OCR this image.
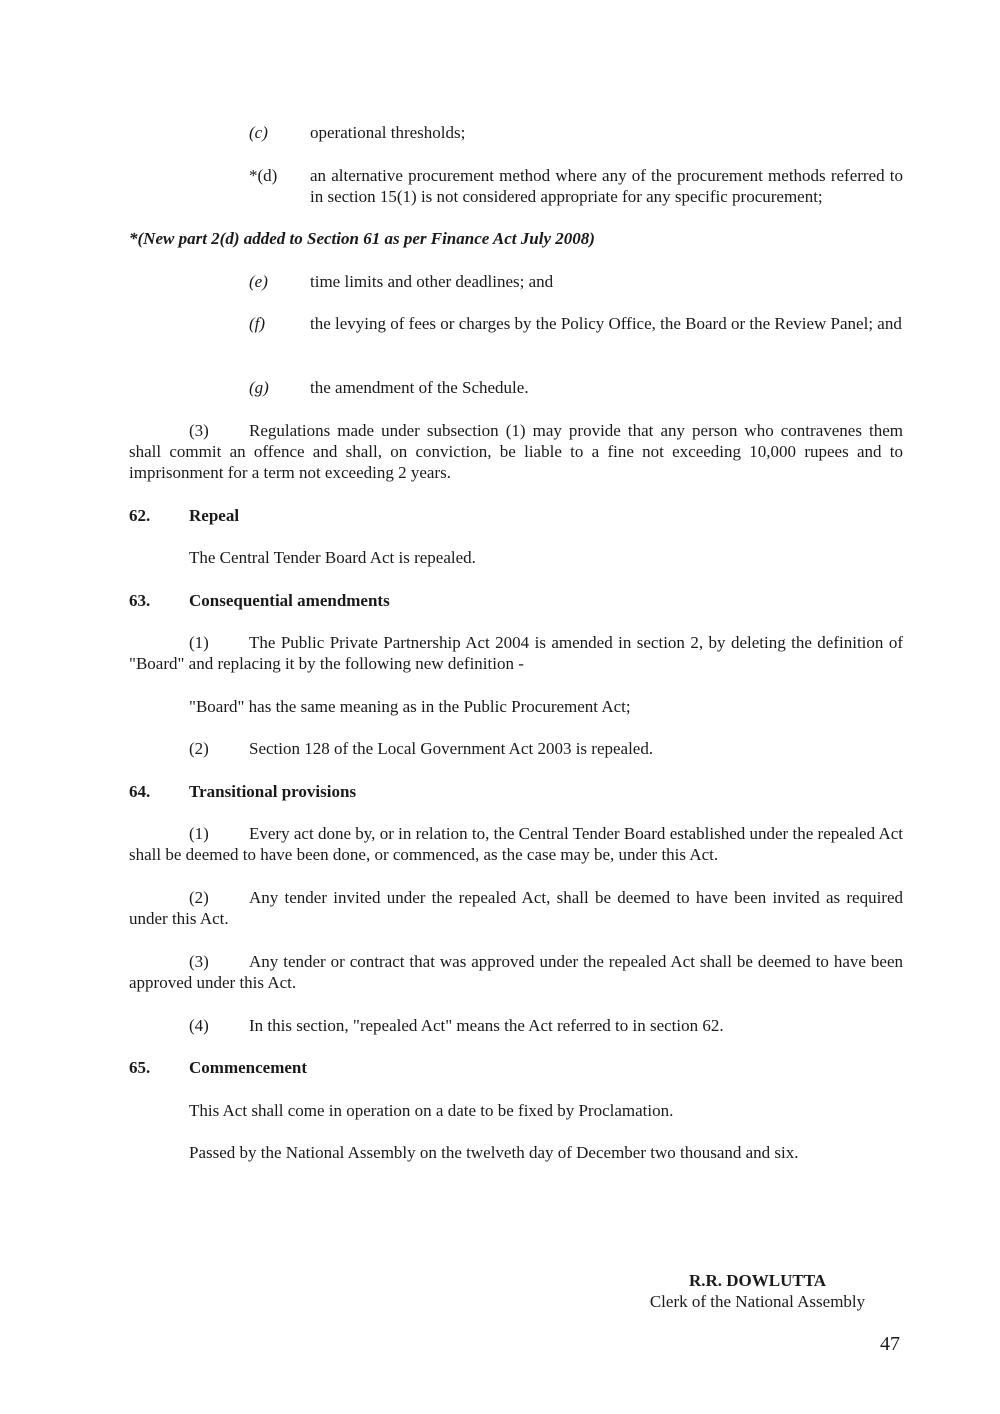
(c) operational thresholds;
*(d) an alternative procurement method where any of the procurement methods referred to in section 15(1) is not considered appropriate for any specific procurement;
*(New part 2(d) added to Section 61 as per Finance Act July 2008)
(e) time limits and other deadlines; and
(f)	the levying of fees or charges by the Policy Office, the Board or the Review Panel; and
(g) the amendment of the Schedule.
(3) Regulations made under subsection (1) may provide that any person who contravenes them shall commit an offence and shall, on conviction, be liable to a fine not exceeding 10,000 rupees and to imprisonment for a term not exceeding 2 years.
62. Repeal
The Central Tender Board Act is repealed.
63. Consequential amendments
(1) The Public Private Partnership Act 2004 is amended in section 2, by deleting the definition of "Board" and replacing it by the following new definition -
"Board" has the same meaning as in the Public Procurement Act;
(2) Section 128 of the Local Government Act 2003 is repealed.
64. Transitional provisions
(1) Every act done by, or in relation to, the Central Tender Board established under the repealed Act shall be deemed to have been done, or commenced, as the case may be, under this Act.
(2) Any tender invited under the repealed Act, shall be deemed to have been invited as required under this Act.
(3) Any tender or contract that was approved under the repealed Act shall be deemed to have been approved under this Act.
(4) In this section, "repealed Act" means the Act referred to in section 62.
65. Commencement
This Act shall come in operation on a date to be fixed by Proclamation.
Passed by the National Assembly on the twelveth day of December two thousand and six.
R.R. DOWLUTTA
Clerk of the National Assembly
47
